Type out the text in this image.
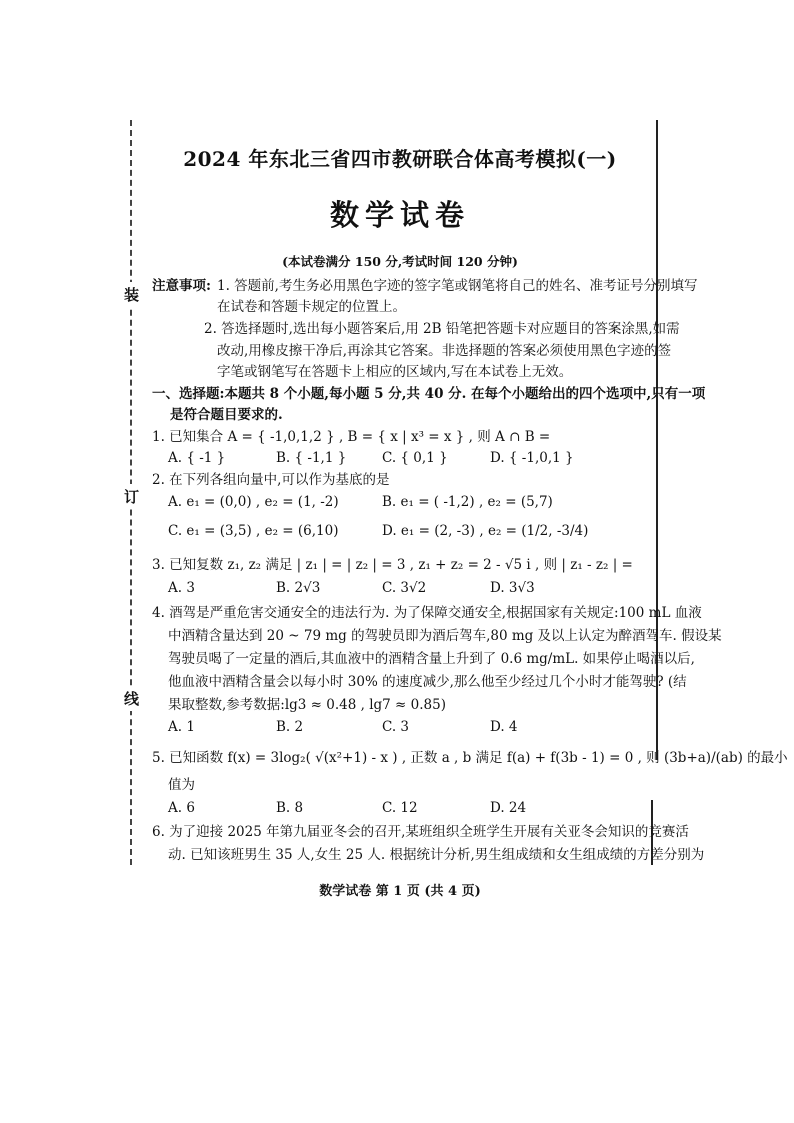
装
订
线
2024 年东北三省四市教研联合体高考模拟(一)
数学试卷
(本试卷满分 150 分,考试时间 120 分钟)
注意事项: 1. 答题前,考生务必用黑色字迹的签字笔或钢笔将自己的姓名、准考证号分别填写
在试卷和答题卡规定的位置上。
2. 答选择题时,选出每小题答案后,用 2B 铅笔把答题卡对应题目的答案涂黑,如需
改动,用橡皮擦干净后,再涂其它答案。非选择题的答案必须使用黑色字迹的签
字笔或钢笔写在答题卡上相应的区域内,写在本试卷上无效。
一、选择题:本题共 8 个小题,每小题 5 分,共 40 分. 在每个小题给出的四个选项中,只有一项
是符合题目要求的.
1. 已知集合 A = { -1,0,1,2 } , B = { x | x³ = x } , 则 A ∩ B =
A. { -1 }	B. { -1,1 }	C. { 0,1 }	D. { -1,0,1 }
2. 在下列各组向量中,可以作为基底的是
A. e₁ = (0,0) , e₂ = (1, -2)	B. e₁ = ( -1,2) , e₂ = (5,7)
C. e₁ = (3,5) , e₂ = (6,10)	D. e₁ = (2, -3) , e₂ = (1/2, -3/4)
3. 已知复数 z₁, z₂ 满足 | z₁ | = | z₂ | = 3 , z₁ + z₂ = 2 - √5 i , 则 | z₁ - z₂ | =
A. 3	B. 2√3	C. 3√2	D. 3√3
4. 酒驾是严重危害交通安全的违法行为. 为了保障交通安全,根据国家有关规定:100 mL 血液
中酒精含量达到 20 ~ 79 mg 的驾驶员即为酒后驾车,80 mg 及以上认定为醉酒驾车. 假设某
驾驶员喝了一定量的酒后,其血液中的酒精含量上升到了 0.6 mg/mL. 如果停止喝酒以后,
他血液中酒精含量会以每小时 30% 的速度减少,那么他至少经过几个小时才能驾驶? (结
果取整数,参考数据:lg3 ≈ 0.48 , lg7 ≈ 0.85)
A. 1	B. 2	C. 3	D. 4
5. 已知函数 f(x) = 3log₂( √(x²+1) - x ) , 正数 a , b 满足 f(a) + f(3b - 1) = 0 , 则 (3b+a)/(ab) 的最小
值为
A. 6	B. 8	C. 12	D. 24
6. 为了迎接 2025 年第九届亚冬会的召开,某班组织全班学生开展有关亚冬会知识的竞赛活
动. 已知该班男生 35 人,女生 25 人. 根据统计分析,男生组成绩和女生组成绩的方差分别为
数学试卷 第 1 页 (共 4 页)
